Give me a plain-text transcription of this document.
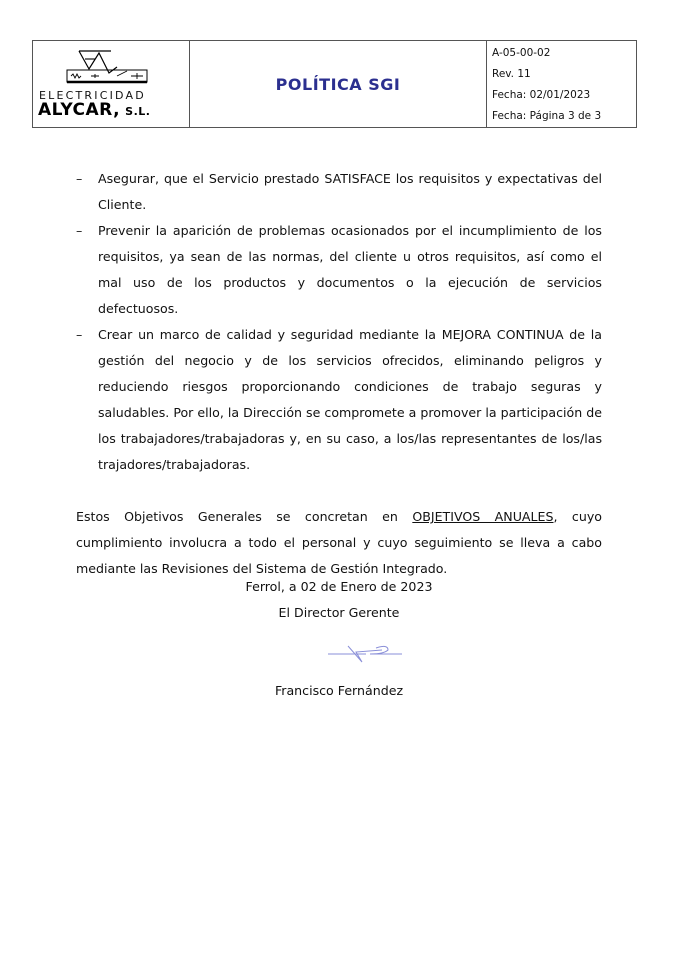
ELECTRICIDAD
ALYCAR, S.L.
POLÍTICA SGI
A-05-00-02
Rev. 11
Fecha: 02/01/2023
Fecha: Página 3 de 3
– Asegurar, que el Servicio prestado SATISFACE los requisitos y expectativas del Cliente.
– Prevenir la aparición de problemas ocasionados por el incumplimiento de los requisitos, ya sean de las normas, del cliente u otros requisitos, así como el mal uso de los productos y documentos o la ejecución de servicios defectuosos.
– Crear un marco de calidad y seguridad mediante la MEJORA CONTINUA de la gestión del negocio y de los servicios ofrecidos, eliminando peligros y reduciendo riesgos proporcionando condiciones de trabajo seguras y saludables. Por ello, la Dirección se compromete a promover la participación de los trabajadores/trabajadoras y, en su caso, a los/las representantes de los/las trajadores/trabajadoras.
Estos Objetivos Generales se concretan en OBJETIVOS ANUALES, cuyo cumplimiento involucra a todo el personal y cuyo seguimiento se lleva a cabo mediante las Revisiones del Sistema de Gestión Integrado.
Ferrol, a 02 de Enero de 2023
El Director Gerente
Francisco Fernández
